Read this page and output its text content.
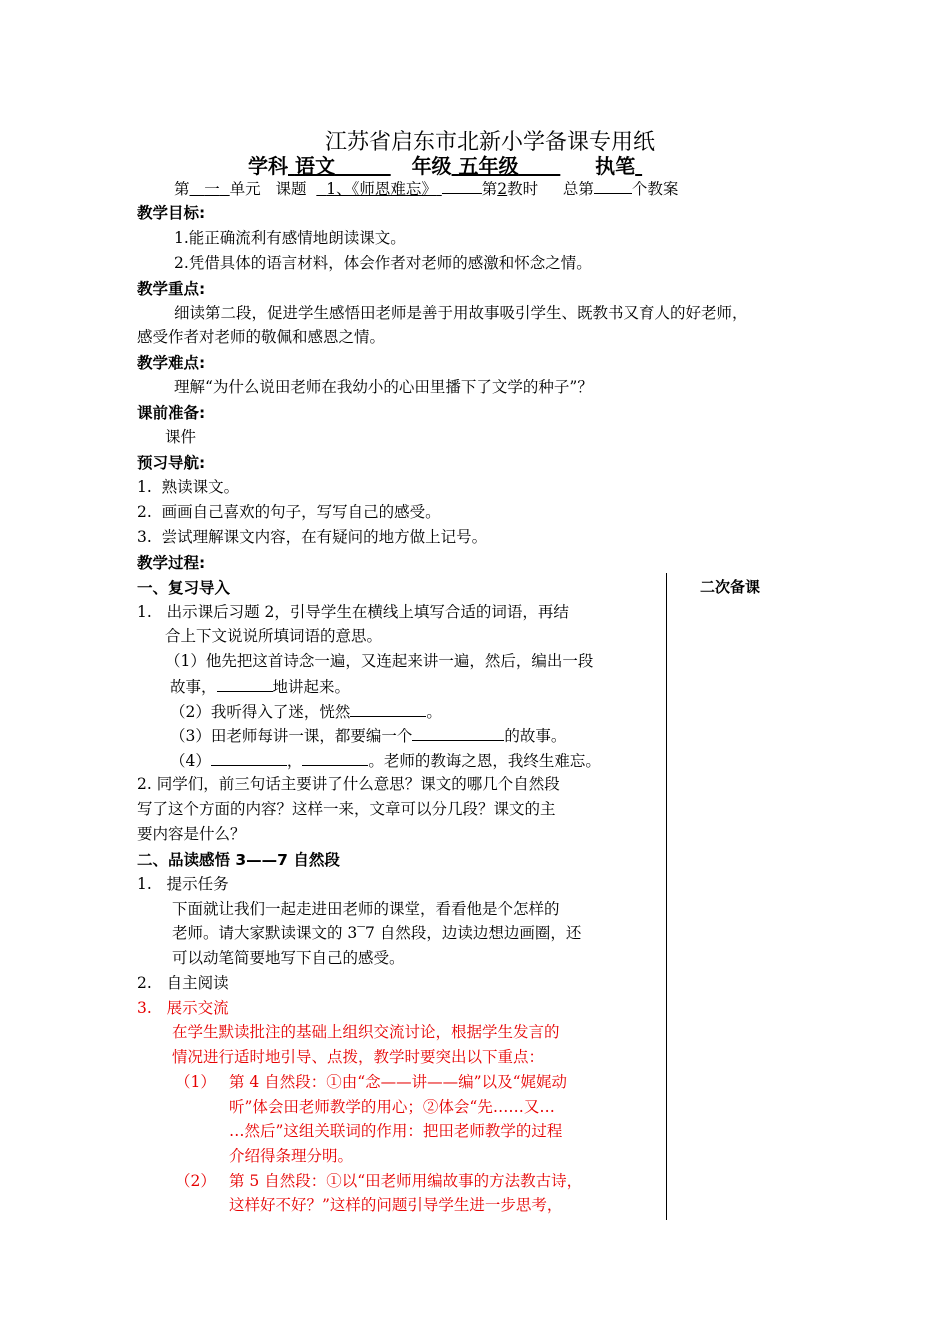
江苏省启东市北新小学备课专用纸
学科 语文	年级 五年级	执笔
第 一 单元 课题 1、《师恩难忘》	第2教时 总第 个教案
教学目标:
1.能正确流利有感情地朗读课文。
2.凭借具体的语言材料，体会作者对老师的感激和怀念之情。
教学重点:
细读第二段，促进学生感悟田老师是善于用故事吸引学生、既教书又育人的好老师，
感受作者对老师的敬佩和感恩之情。
教学难点:
理解“为什么说田老师在我幼小的心田里播下了文学的种子”？
课前准备:
课件
预习导航:
1. 熟读课文。
2. 画画自己喜欢的句子，写写自己的感受。
3. 尝试理解课文内容，在有疑问的地方做上记号。
教学过程:
二次备课
一、复习导入
1. 出示课后习题 2，引导学生在横线上填写合适的词语，再结
合上下文说说所填词语的意思。
（1）他先把这首诗念一遍，又连起来讲一遍，然后，编出一段
故事，	地讲起来。
（2）我听得入了迷，恍然	。
（3）田老师每讲一课，都要编一个	的故事。
（4）	，	。老师的教诲之恩，我终生难忘。
2. 同学们，前三句话主要讲了什么意思？课文的哪几个自然段
写了这个方面的内容？这样一来，文章可以分几段？课文的主
要内容是什么？
二、品读感悟 3——7 自然段
1. 提示任务
下面就让我们一起走进田老师的课堂，看看他是个怎样的
老师。请大家默读课文的 3‾7 自然段，边读边想边画圈，还
可以动笔简要地写下自己的感受。
2. 自主阅读
3. 展示交流
在学生默读批注的基础上组织交流讨论，根据学生发言的
情况进行适时地引导、点拨，教学时要突出以下重点：
（1） 第 4 自然段：①由“念——讲——编”以及“娓娓动
听”体会田老师教学的用心；②体会“先……又…
…然后”这组关联词的作用：把田老师教学的过程
介绍得条理分明。
（2） 第 5 自然段：①以“田老师用编故事的方法教古诗，
这样好不好？”这样的问题引导学生进一步思考，
